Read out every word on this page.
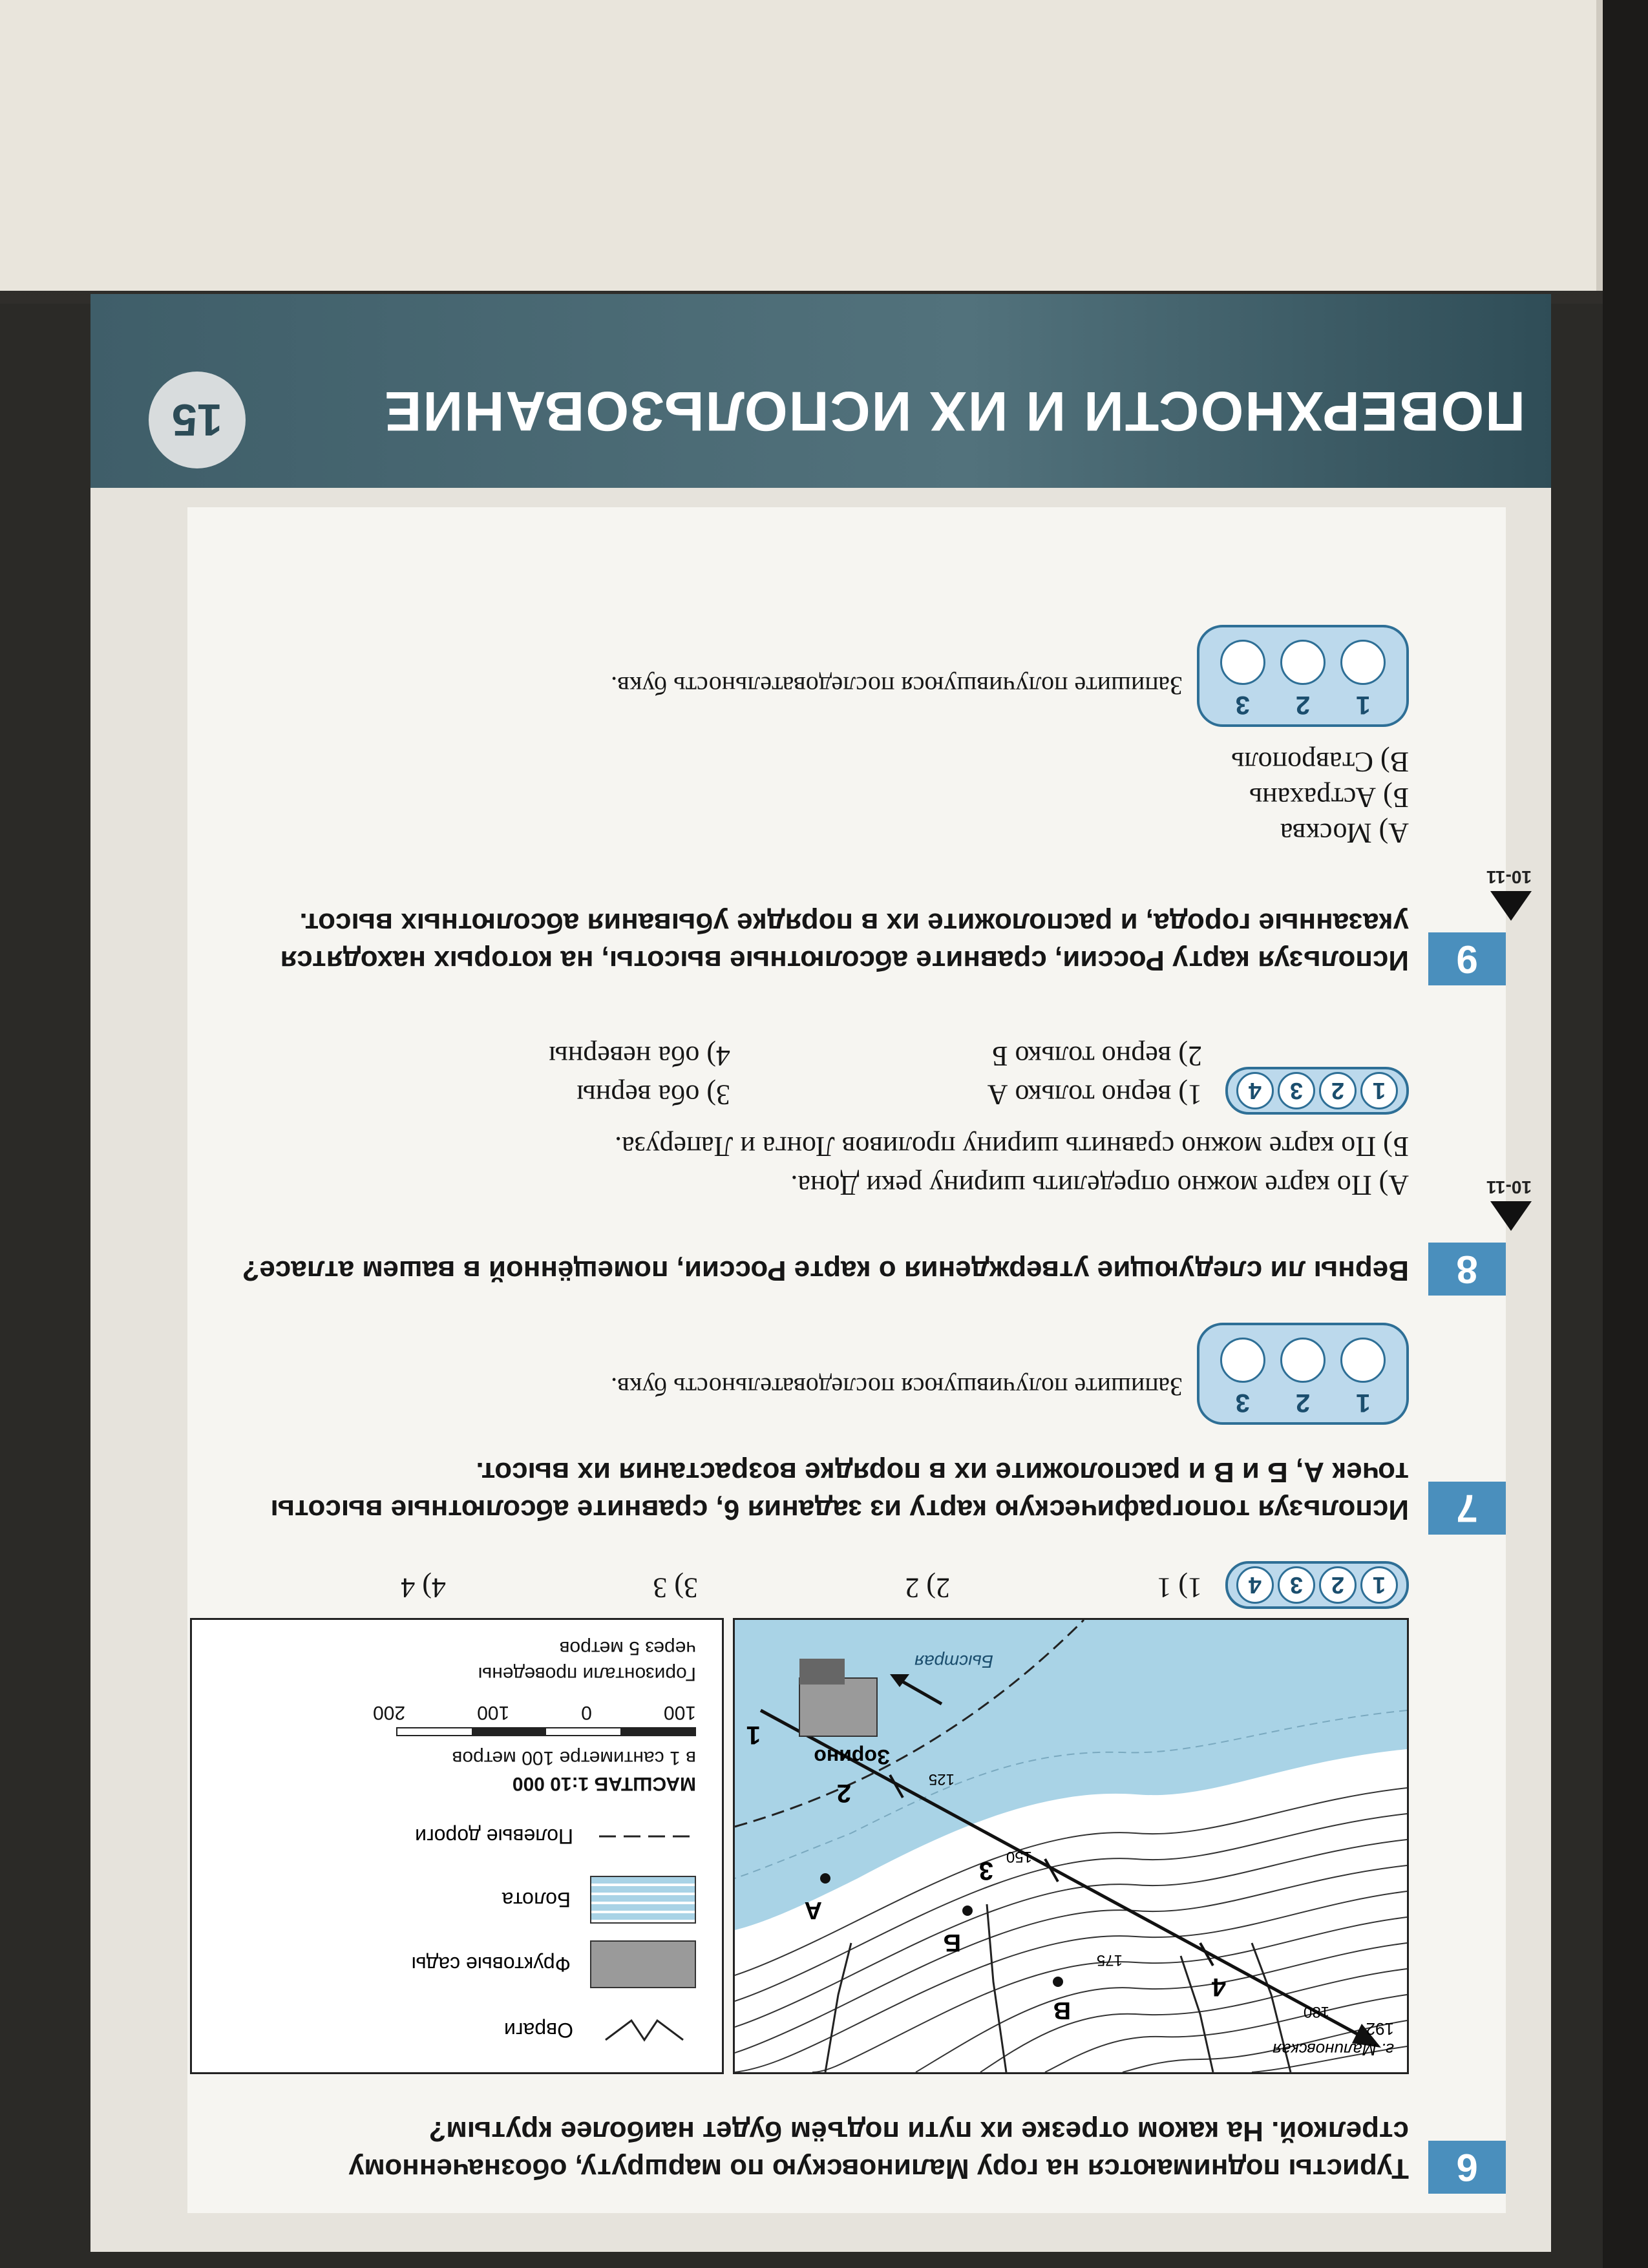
6
Туристы поднимаются на гору Малиновскую по маршруту, обозначенному стрелкой. На каком отрезке их пути подъём будет наиболее крутым?
г. Малиновская
192
Зорино
Быстрая
А
Б
В
1
2
3
4
125
150
175
180
Овраги
Фруктовые сады
Болота
Полевые дороги
МАСШТАБ 1:10 000
в 1 сантиметре 100 метров
100
0
100
200
Горизонтали проведены
через 5 метров
1
2
3
4
1) 1
2) 2
3) 3
4) 4
7
Используя топографическую карту из задания 6, сравните абсолютные высоты точек А, Б и В и расположите их в порядке возрастания их высот.
1
2
3
Запишите получившуюся последовательность букв.
8
10-11
Верны ли следующие утверждения о карте России, помещённой в вашем атласе?
А) По карте можно определить ширину реки Дона.
Б) По карте можно сравнить ширину проливов Лонга и Лаперуза.
1
2
3
4
1) верно только А
3) оба верны
2) верно только Б
4) оба неверны
9
10-11
Используя карту России, сравните абсолютные высоты, на которых находятся указанные города, и расположите их в порядке убывания абсолютных высот.
А) Москва
Б) Астрахань
В) Ставрополь
1
2
3
Запишите получившуюся последовательность букв.
ПОВЕРХНОСТИ И ИХ ИСПОЛЬЗОВАНИЕ
15
